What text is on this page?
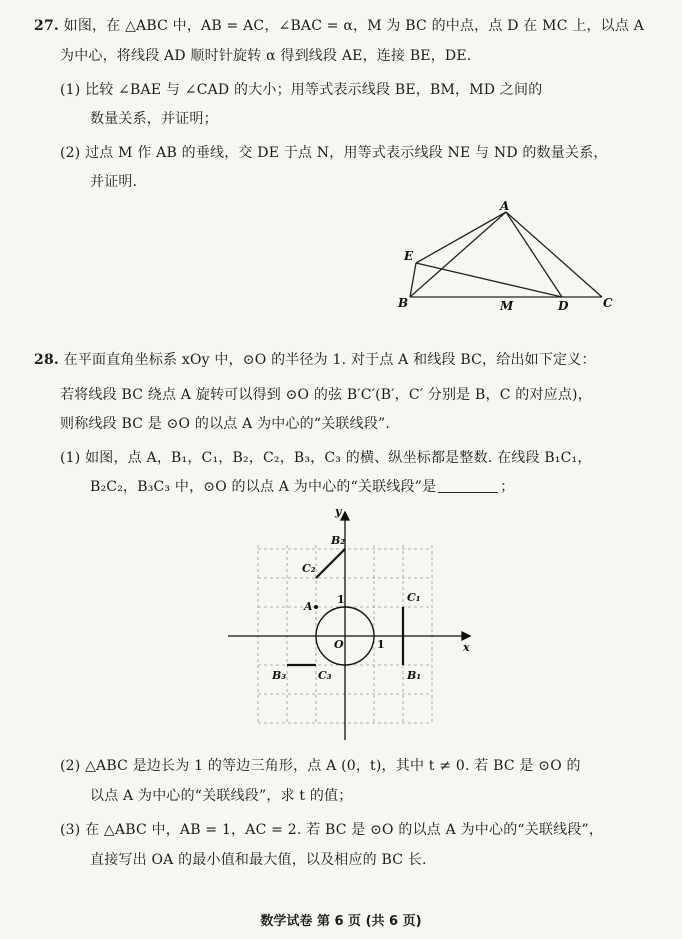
27. 如图，在 △ABC 中，AB = AC，∠BAC = α，M 为 BC 的中点，点 D 在 MC 上，以点 A
为中心，将线段 AD 顺时针旋转 α 得到线段 AE，连接 BE，DE.
(1) 比较 ∠BAE 与 ∠CAD 的大小；用等式表示线段 BE，BM，MD 之间的
数量关系，并证明；
(2) 过点 M 作 AB 的垂线，交 DE 于点 N，用等式表示线段 NE 与 ND 的数量关系，
并证明.
A
B	C
D
E
M
28. 在平面直角坐标系 xOy 中，⊙O 的半径为 1. 对于点 A 和线段 BC，给出如下定义：
若将线段 BC 绕点 A 旋转可以得到 ⊙O 的弦 B′C′(B′，C′ 分别是 B，C 的对应点)，
则称线段 BC 是 ⊙O 的以点 A 为中心的“关联线段”.
(1) 如图，点 A，B₁，C₁，B₂，C₂，B₃，C₃ 的横、纵坐标都是整数. 在线段 B₁C₁，
B₂C₂，B₃C₃ 中，⊙O 的以点 A 为中心的“关联线段”是	；
y
x
O
1
1
A
B₁
C₁
B₂
C₂
B₃	C₃
(2) △ABC 是边长为 1 的等边三角形，点 A (0，t)，其中 t ≠ 0. 若 BC 是 ⊙O 的
以点 A 为中心的“关联线段”，求 t 的值；
(3) 在 △ABC 中，AB = 1，AC = 2. 若 BC 是 ⊙O 的以点 A 为中心的“关联线段”，
直接写出 OA 的最小值和最大值，以及相应的 BC 长.
数学试卷 第 6 页 (共 6 页)
